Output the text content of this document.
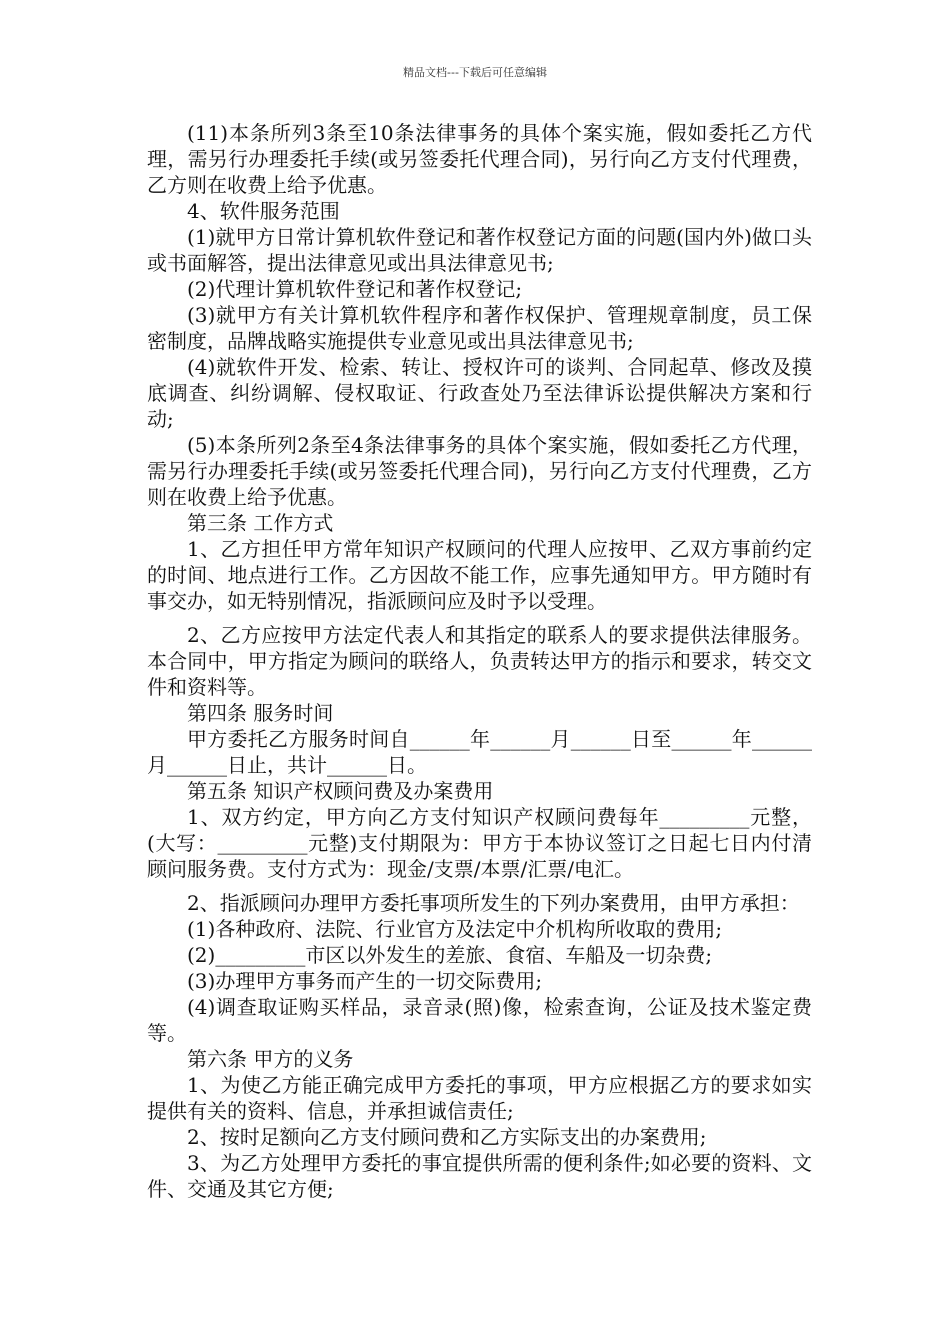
精品文档---下载后可任意编辑

(11)本条所列3条至10条法律事务的具体个案实施，假如委托乙方代理，需另行办理委托手续(或另签委托代理合同)，另行向乙方支付代理费，乙方则在收费上给予优惠。

4、软件服务范围

(1)就甲方日常计算机软件登记和著作权登记方面的问题(国内外)做口头或书面解答，提出法律意见或出具法律意见书;

(2)代理计算机软件登记和著作权登记;

(3)就甲方有关计算机软件程序和著作权保护、管理规章制度，员工保密制度，品牌战略实施提供专业意见或出具法律意见书;

(4)就软件开发、检索、转让、授权许可的谈判、合同起草、修改及摸底调查、纠纷调解、侵权取证、行政查处乃至法律诉讼提供解决方案和行动;

(5)本条所列2条至4条法律事务的具体个案实施，假如委托乙方代理，需另行办理委托手续(或另签委托代理合同)，另行向乙方支付代理费，乙方则在收费上给予优惠。

第三条 工作方式

1、乙方担任甲方常年知识产权顾问的代理人应按甲、乙双方事前约定的时间、地点进行工作。乙方因故不能工作，应事先通知甲方。甲方随时有事交办，如无特别情况，指派顾问应及时予以受理。

2、乙方应按甲方法定代表人和其指定的联系人的要求提供法律服务。本合同中，甲方指定为顾问的联络人，负责转达甲方的指示和要求，转交文件和资料等。

第四条 服务时间

甲方委托乙方服务时间自______年______月______日至______年______月______日止，共计______日。

第五条 知识产权顾问费及办案费用

1、双方约定，甲方向乙方支付知识产权顾问费每年_________元整，(大写：_________元整)支付期限为：甲方于本协议签订之日起七日内付清顾问服务费。支付方式为：现金/支票/本票/汇票/电汇。

2、指派顾问办理甲方委托事项所发生的下列办案费用，由甲方承担：

(1)各种政府、法院、行业官方及法定中介机构所收取的费用;

(2)_________市区以外发生的差旅、食宿、车船及一切杂费;

(3)办理甲方事务而产生的一切交际费用;

(4)调查取证购买样品，录音录(照)像，检索查询，公证及技术鉴定费等。

第六条 甲方的义务

1、为使乙方能正确完成甲方委托的事项，甲方应根据乙方的要求如实提供有关的资料、信息，并承担诚信责任;

2、按时足额向乙方支付顾问费和乙方实际支出的办案费用;

3、为乙方处理甲方委托的事宜提供所需的便利条件;如必要的资料、文件、交通及其它方便;
